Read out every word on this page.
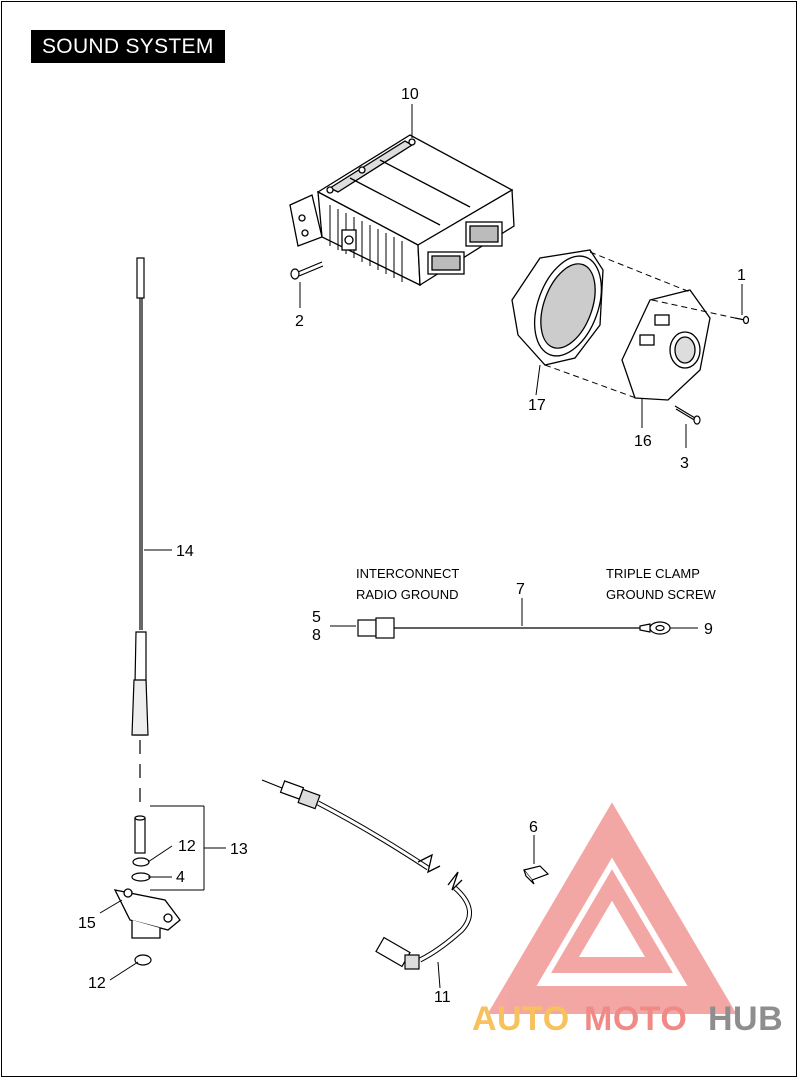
SOUND SYSTEM
10
2
1
17
16
3
14
7
5
8	9
6
12 13
4
15
12
11
INTERCONNECT
RADIO GROUND
TRIPLE CLAMP
GROUND SCREW
AUTO MOTO HUB
